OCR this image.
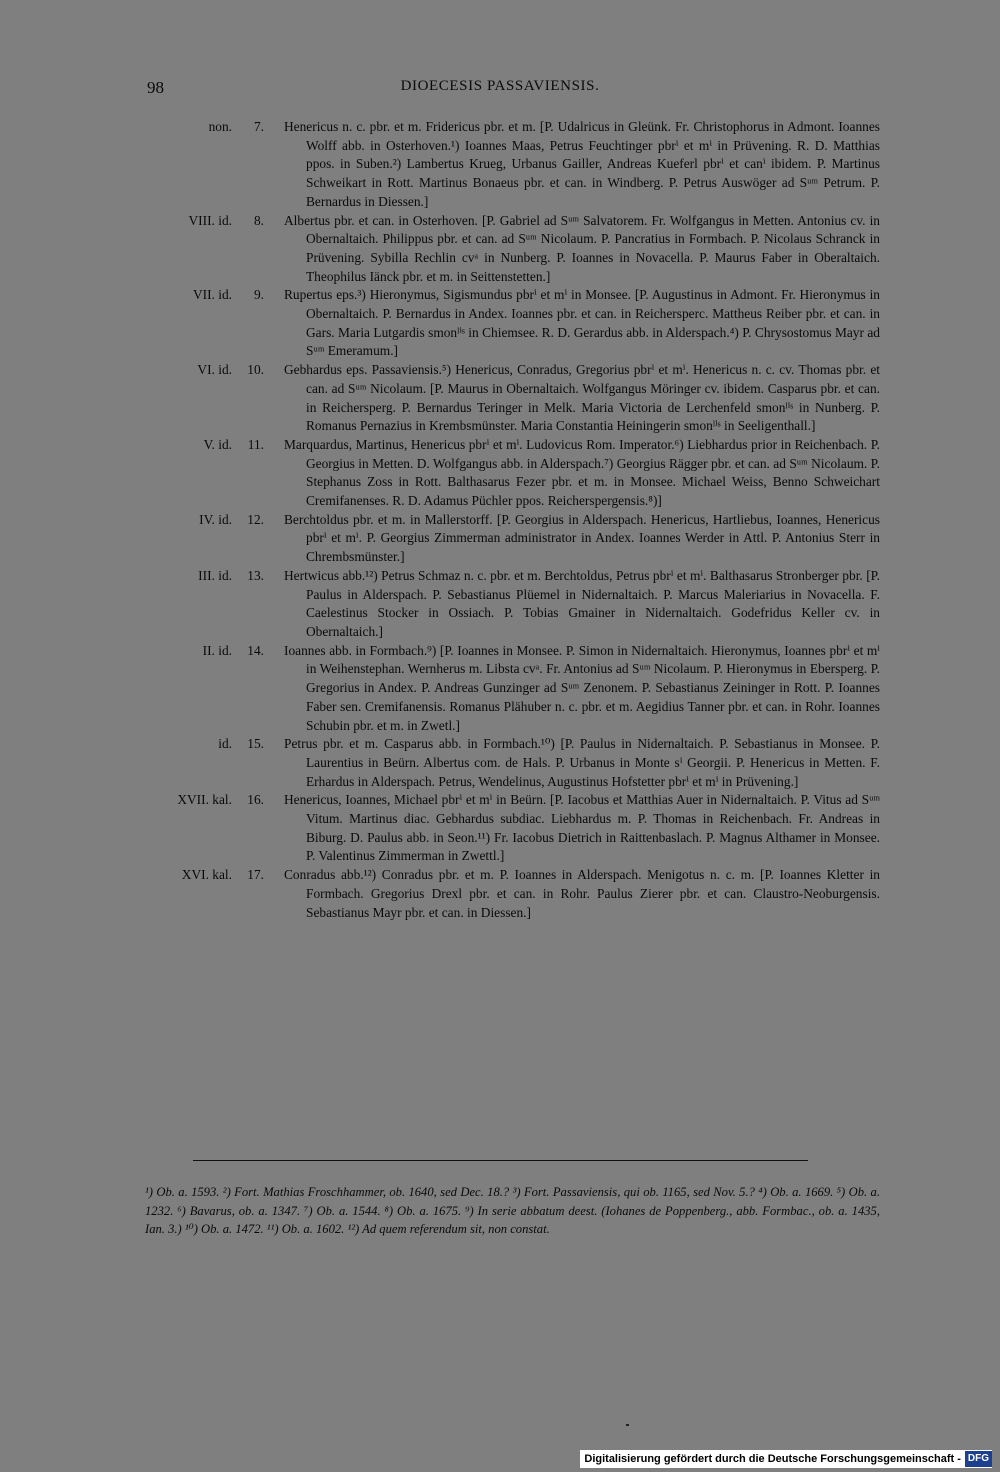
98	DIOECESIS PASSAVIENSIS.
non. 7. Henericus n. c. pbr. et m. Fridericus pbr. et m. [P. Udalricus in Gleünk. Fr. Christophorus in Admont. Ioannes Wolff abb. in Osterhoven.¹) Ioannes Maas, Petrus Feuchtinger pbrⁱ et mⁱ in Prüvening. R. D. Matthias ppos. in Suben.²) Lambertus Krueg, Urbanus Gailler, Andreas Kueferl pbrⁱ et canⁱ ibidem. P. Martinus Schweikart in Rott. Martinus Bonaeus pbr. et can. in Windberg. P. Petrus Auswöger ad Sᵘᵐ Petrum. P. Bernardus in Diessen.]
VIII. id. 8. Albertus pbr. et can. in Osterhoven. [P. Gabriel ad Sᵘᵐ Salvatorem. Fr. Wolfgangus in Metten. Antonius cv. in Obernaltaich. Philippus pbr. et can. ad Sᵘᵐ Nicolaum. P. Pancratius in Formbach. P. Nicolaus Schranck in Prüvening. Sybilla Rechlin cvᵃ in Nunberg. P. Ioannes in Novacella. P. Maurus Faber in Oberaltaich. Theophilus Iänck pbr. et m. in Seittenstetten.]
VII. id. 9. Rupertus eps.³) Hieronymus, Sigismundus pbrⁱ et mⁱ in Monsee. [P. Augustinus in Admont. Fr. Hieronymus in Obernaltaich. P. Bernardus in Andex. Ioannes pbr. et can. in Reichersperc. Mattheus Reiber pbr. et can. in Gars. Maria Lutgardis smonˡⁱˢ in Chiemsee. R. D. Gerardus abb. in Alderspach.⁴) P. Chrysostomus Mayr ad Sᵘᵐ Emeramum.]
VI. id. 10. Gebhardus eps. Passaviensis.⁵) Henericus, Conradus, Gregorius pbrⁱ et mⁱ. Henericus n. c. cv. Thomas pbr. et can. ad Sᵘᵐ Nicolaum. [P. Maurus in Obernaltaich. Wolfgangus Möringer cv. ibidem. Casparus pbr. et can. in Reichersperg. P. Bernardus Teringer in Melk. Maria Victoria de Lerchenfeld smonˡⁱˢ in Nunberg. P. Romanus Pernazius in Krembsmünster. Maria Constantia Heiningerin smonˡⁱˢ in Seeligenthall.]
V. id. 11. Marquardus, Martinus, Henericus pbrⁱ et mⁱ. Ludovicus Rom. Imperator.⁶) Liebhardus prior in Reichenbach. P. Georgius in Metten. D. Wolfgangus abb. in Alderspach.⁷) Georgius Rägger pbr. et can. ad Sᵘᵐ Nicolaum. P. Stephanus Zoss in Rott. Balthasarus Fezer pbr. et m. in Monsee. Michael Weiss, Benno Schweichart Cremifanenses. R. D. Adamus Püchler ppos. Reicherspergensis.⁸)]
IV. id. 12. Berchtoldus pbr. et m. in Mallerstorff. [P. Georgius in Alderspach. Henericus, Hartliebus, Ioannes, Henericus pbrⁱ et mⁱ. P. Georgius Zimmerman administrator in Andex. Ioannes Werder in Attl. P. Antonius Sterr in Chrembsmünster.]
III. id. 13. Hertwicus abb.¹²) Petrus Schmaz n. c. pbr. et m. Berchtoldus, Petrus pbrⁱ et mⁱ. Balthasarus Stronberger pbr. [P. Paulus in Alderspach. P. Sebastianus Plüemel in Nidernaltaich. P. Marcus Maleriarius in Novacella. F. Caelestinus Stocker in Ossiach. P. Tobias Gmainer in Nidernaltaich. Godefridus Keller cv. in Obernaltaich.]
II. id. 14. Ioannes abb. in Formbach.⁹) [P. Ioannes in Monsee. P. Simon in Nidernaltaich. Hieronymus, Ioannes pbrⁱ et mⁱ in Weihenstephan. Wernherus m. Libsta cvᵃ. Fr. Antonius ad Sᵘᵐ Nicolaum. P. Hieronymus in Ebersperg. P. Gregorius in Andex. P. Andreas Gunzinger ad Sᵘᵐ Zenonem. P. Sebastianus Zeininger in Rott. P. Ioannes Faber sen. Cremifanensis. Romanus Plähuber n. c. pbr. et m. Aegidius Tanner pbr. et can. in Rohr. Ioannes Schubin pbr. et m. in Zwetl.]
id. 15. Petrus pbr. et m. Casparus abb. in Formbach.¹⁰) [P. Paulus in Nidernaltaich. P. Sebastianus in Monsee. P. Laurentius in Beürn. Albertus com. de Hals. P. Urbanus in Monte sⁱ Georgii. P. Henericus in Metten. F. Erhardus in Alderspach. Petrus, Wendelinus, Augustinus Hofstetter pbrⁱ et mⁱ in Prüvening.]
XVII. kal. 16. Henericus, Ioannes, Michael pbrⁱ et mⁱ in Beürn. [P. Iacobus et Matthias Auer in Nidernaltaich. P. Vitus ad Sᵘᵐ Vitum. Martinus diac. Gebhardus subdiac. Liebhardus m. P. Thomas in Reichenbach. Fr. Andreas in Biburg. D. Paulus abb. in Seon.¹¹) Fr. Iacobus Dietrich in Raittenbaslach. P. Magnus Althamer in Monsee. P. Valentinus Zimmerman in Zwettl.]
XVI. kal. 17. Conradus abb.¹²) Conradus pbr. et m. P. Ioannes in Alderspach. Menigotus n. c. m. [P. Ioannes Kletter in Formbach. Gregorius Drexl pbr. et can. in Rohr. Paulus Zierer pbr. et can. Claustro-Neoburgensis. Sebastianus Mayr pbr. et can. in Diessen.]
¹) Ob. a. 1593. ²) Fort. Mathias Froschhammer, ob. 1640, sed Dec. 18.? ³) Fort. Passaviensis, qui ob. 1165, sed Nov. 5.? ⁴) Ob. a. 1669. ⁵) Ob. a. 1232. ⁶) Bavarus, ob. a. 1347. ⁷) Ob. a. 1544. ⁸) Ob. a. 1675. ⁹) In serie abbatum deest. (Iohanes de Poppenberg., abb. Formbac., ob. a. 1435, Ian. 3.) ¹⁰) Ob. a. 1472. ¹¹) Ob. a. 1602. ¹²) Ad quem referendum sit, non constat.
Digitalisierung gefördert durch die Deutsche Forschungsgemeinschaft - DFG
